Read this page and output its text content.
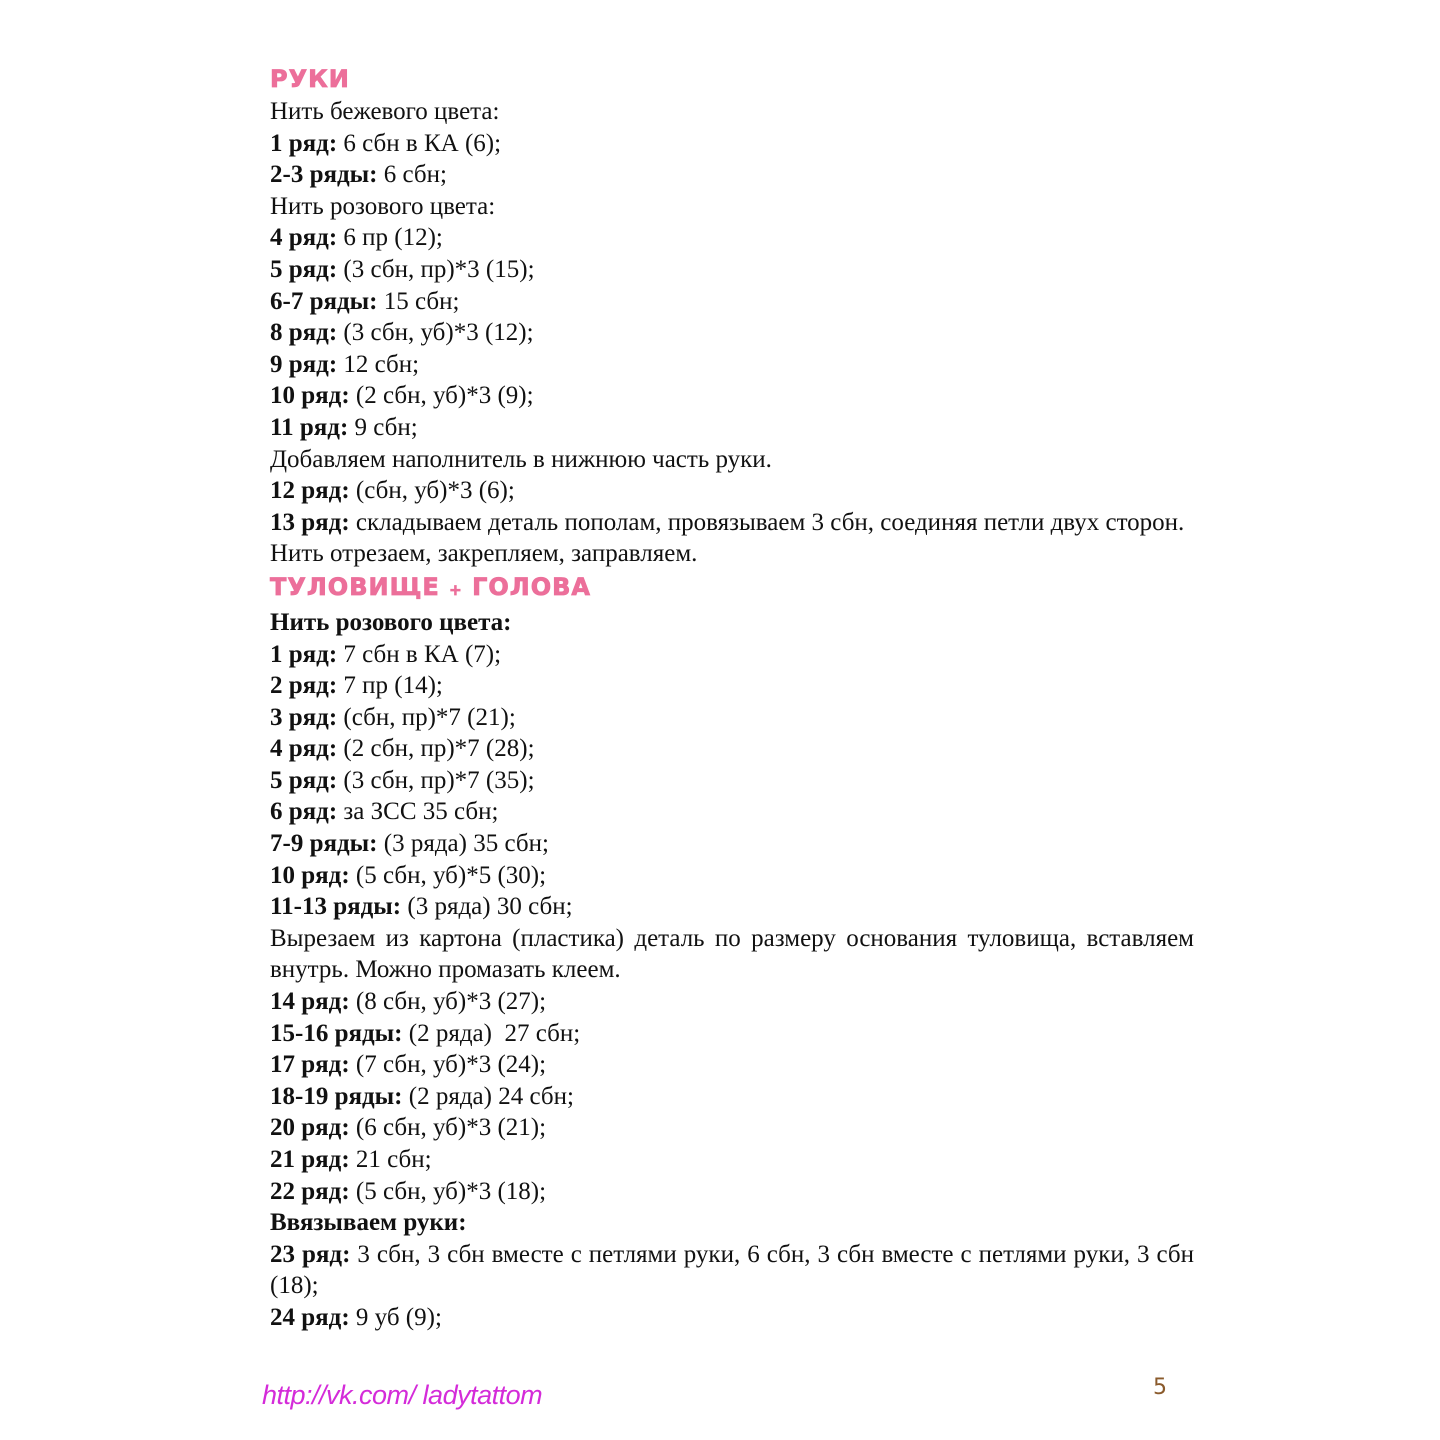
РУКИ
Нить бежевого цвета:
1 ряд: 6 сбн в КА (6);
2-3 ряды: 6 сбн;
Нить розового цвета:
4 ряд: 6 пр (12);
5 ряд: (3 сбн, пр)*3 (15);
6-7 ряды: 15 сбн;
8 ряд: (3 сбн, уб)*3 (12);
9 ряд: 12 сбн;
10 ряд: (2 сбн, уб)*3 (9);
11 ряд: 9 сбн;
Добавляем наполнитель в нижнюю часть руки.
12 ряд: (сбн, уб)*3 (6);
13 ряд: складываем деталь пополам, провязываем 3 сбн, соединяя петли двух сторон.
Нить отрезаем, закрепляем, заправляем.
ТУЛОВИЩЕ + ГОЛОВА
Нить розового цвета:
1 ряд: 7 сбн в КА (7);
2 ряд: 7 пр (14);
3 ряд: (сбн, пр)*7 (21);
4 ряд: (2 сбн, пр)*7 (28);
5 ряд: (3 сбн, пр)*7 (35);
6 ряд: за ЗСС 35 сбн;
7-9 ряды: (3 ряда) 35 сбн;
10 ряд: (5 сбн, уб)*5 (30);
11-13 ряды: (3 ряда) 30 сбн;
Вырезаем из картона (пластика) деталь по размеру основания туловища, вставляем внутрь. Можно промазать клеем.
14 ряд: (8 сбн, уб)*3 (27);
15-16 ряды: (2 ряда)  27 сбн;
17 ряд: (7 сбн, уб)*3 (24);
18-19 ряды: (2 ряда) 24 сбн;
20 ряд: (6 сбн, уб)*3 (21);
21 ряд: 21 сбн;
22 ряд: (5 сбн, уб)*3 (18);
Ввязываем руки:
23 ряд: 3 сбн, 3 сбн вместе с петлями руки, 6 сбн, 3 сбн вместе с петлями руки, 3 сбн (18);
24 ряд: 9 уб (9);
http://vk.com/ ladytattom	5
